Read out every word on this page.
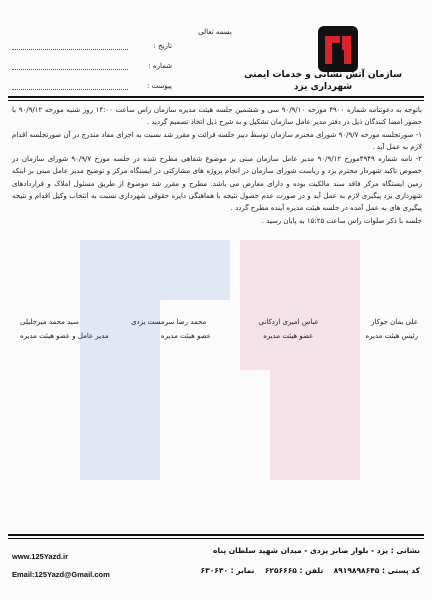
بسمه تعالی
تاریخ :
شماره :
پیوست :
سازمان آتش نشانی و خدمات ایمنی
شهرداری یزد

باتوجه به دعوتنامه شماره ۴۹۰۰ مورخه ۹۰/۹/۱۰ سی و ششمین جلسه هیئت مدیره سازمان راس ساعت ۱۴:۰۰ روز شنبه مورخه ۹۰/۹/۱۲ با حضور امضا کنندگان ذیل در دفتر مدیر عامل سازمان تشکیل و به شرح ذیل اتخاذ تصمیم گردید .

۱- صورتجلسه مورخه ۹۰/۹/۷ شورای محترم سازمان توسط دبیر جلسه قرائت و مقرر شد نسبت به اجرای مفاد مندرج در آن صورتجلسه اقدام لازم به عمل آید .

۲- نامه شماره ۴۹۴۹مورخ ۹۰/۹/۱۲ مدیر عامل سازمان مبنی بر موضوع شفاهی مطرح شده در جلسه مورخ ۹۰/۹/۷ شورای سازمان در خصوص تاکید شهردار محترم یزد و ریاست شورای سازمان در انجام پروژه های مشارکتی در ایستگاه مرکز و توضیح مدیر عامل مبنی بر اینکه زمین ایستگاه مرکز فاقد سند مالکیت بوده و دارای معارض می باشد. مطرح و مقرر شد موضوع از طریق مسئول املاک و قراردادهای شهرداری یزد پیگیری لازم به عمل آید و در صورت عدم حصول نتیجه با هماهنگی دایره حقوقی شهرداری نسبت به انتخاب وکیل اقدام و نتیجه پیگیری های به عمل آمده در جلسه هیئت مدیره آینده مطرح گردد .

جلسه با ذکر صلوات راس ساعت ۱۵:۲۵ به پایان رسید .

علی بمان جوکار
عباس امیری اردکانی
محمد رضا سرمست یزدی
سید محمد میرجلیلی
رئیس هیئت مدیره
عضو هیئت مدیره
عضو هیئت مدیره
مدیر عامل و عضو هیئت مدیره
نشانی : یزد - بلوار صابر یزدی - میدان شهید سلطان پناه
کد پستی : ۸۹۱۹۸۹۸۶۴۵    تلفن : ۶۲۵۶۶۶۵    نمابر : ۶۳۰۶۳۰
www.125Yazd.ir
Email:125Yazd@Gmail.com
